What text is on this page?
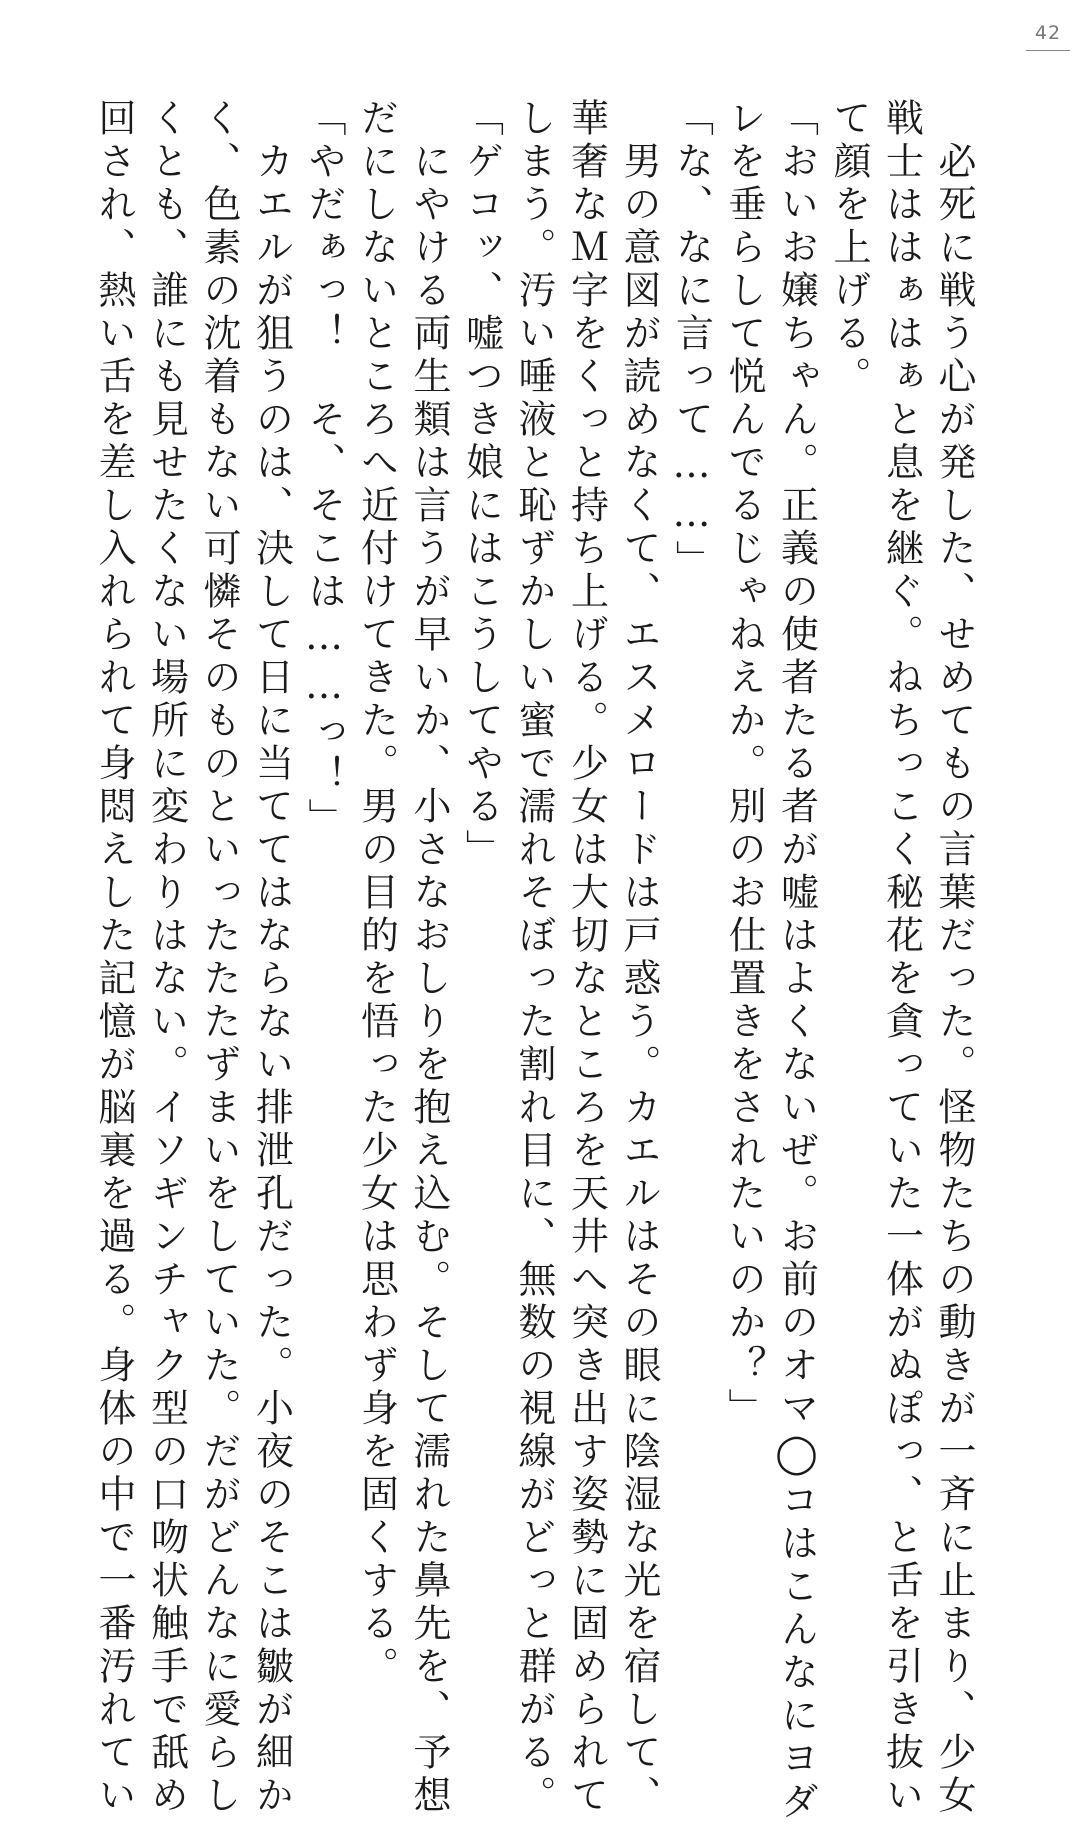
42

　必死に戦う心が発した、せめてもの言葉だった。怪物たちの動きが一斉に止まり、少女

戦士ははぁはぁと息を継ぐ。ねちっこく秘花を貪っていた一体がぬぽっ、と舌を引き抜い

て顔を上げる。

「おいお嬢ちゃん。正義の使者たる者が嘘はよくないぜ。お前のオマ◯コはこんなにヨダ

レを垂らして悦んでるじゃねえか。別のお仕置きをされたいのか？」

「な、なに言って……」

　男の意図が読めなくて、エスメロードは戸惑う。カエルはその眼に陰湿な光を宿して、

華奢なＭ字をくっと持ち上げる。少女は大切なところを天井へ突き出す姿勢に固められて

しまう。汚い唾液と恥ずかしい蜜で濡れそぼった割れ目に、無数の視線がどっと群がる。

「ゲコッ、嘘つき娘にはこうしてやる」

　にやける両生類は言うが早いか、小さなおしりを抱え込む。そして濡れた鼻先を、予想

だにしないところへ近付けてきた。男の目的を悟った少女は思わず身を固くする。

「やだぁっ！　そ、そこは……っ！」

　カエルが狙うのは、決して日に当ててはならない排泄孔だった。小夜のそこは皺が細か

く、色素の沈着もない可憐そのものといったたたずまいをしていた。だがどんなに愛らし

くとも、誰にも見せたくない場所に変わりはない。イソギンチャク型の口吻状触手で舐め

回され、熱い舌を差し入れられて身悶えした記憶が脳裏を過る。身体の中で一番汚れてい
